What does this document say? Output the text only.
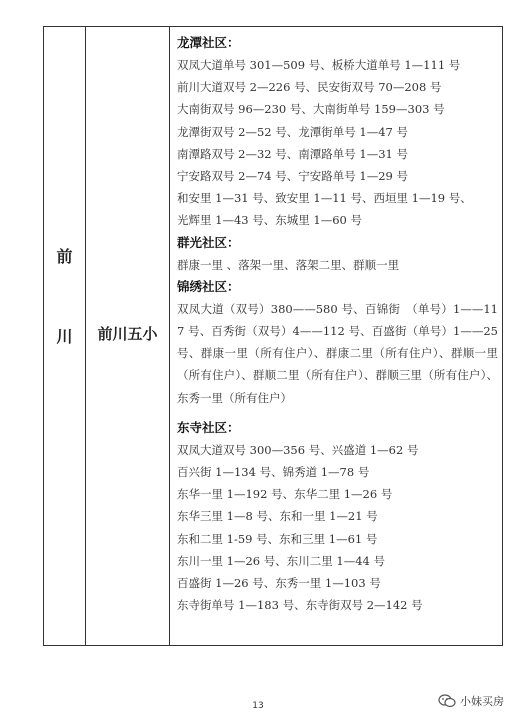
前

川	前川五小
龙潭社区：
双凤大道单号 301—509 号、板桥大道单号 1—111 号
前川大道双号 2—226 号、民安街双号 70—208 号
大南街双号 96—230 号、大南街单号 159—303 号
龙潭街双号 2—52 号、龙潭街单号 1—47 号
南潭路双号 2—32 号、南潭路单号 1—31 号
宁安路双号 2—74 号、宁安路单号 1—29 号
和安里 1—31 号、致安里 1—11 号、西垣里 1—19 号、
光辉里 1—43 号、东城里 1—60 号
群光社区：
群康一里 、落架一里、落架二里、群顺一里
锦绣社区：
双凤大道（双号）380——580 号、百锦街　（单号）1——117 号、百秀街（双号）4——112 号、百盛街（单号）1——25 号、群康一里（所有住户）、群康二里（所有住户）、群顺一里（所有住户）、群顺二里（所有住户）、群顺三里（所有住户）、东秀一里（所有住户）
东寺社区：
双凤大道双号 300—356 号、兴盛道 1—62 号
百兴街 1—134 号、锦秀道 1—78 号
东华一里 1—192 号、东华二里 1—26 号
东华三里 1—8 号、东和一里 1—21 号
东和二里 1-59 号、东和三里 1—61 号
东川一里 1—26 号、东川二里 1—44 号
百盛街 1—26 号、东秀一里 1—103 号
东寺街单号 1—183 号、东寺街双号 2—142 号
13	小妹买房
